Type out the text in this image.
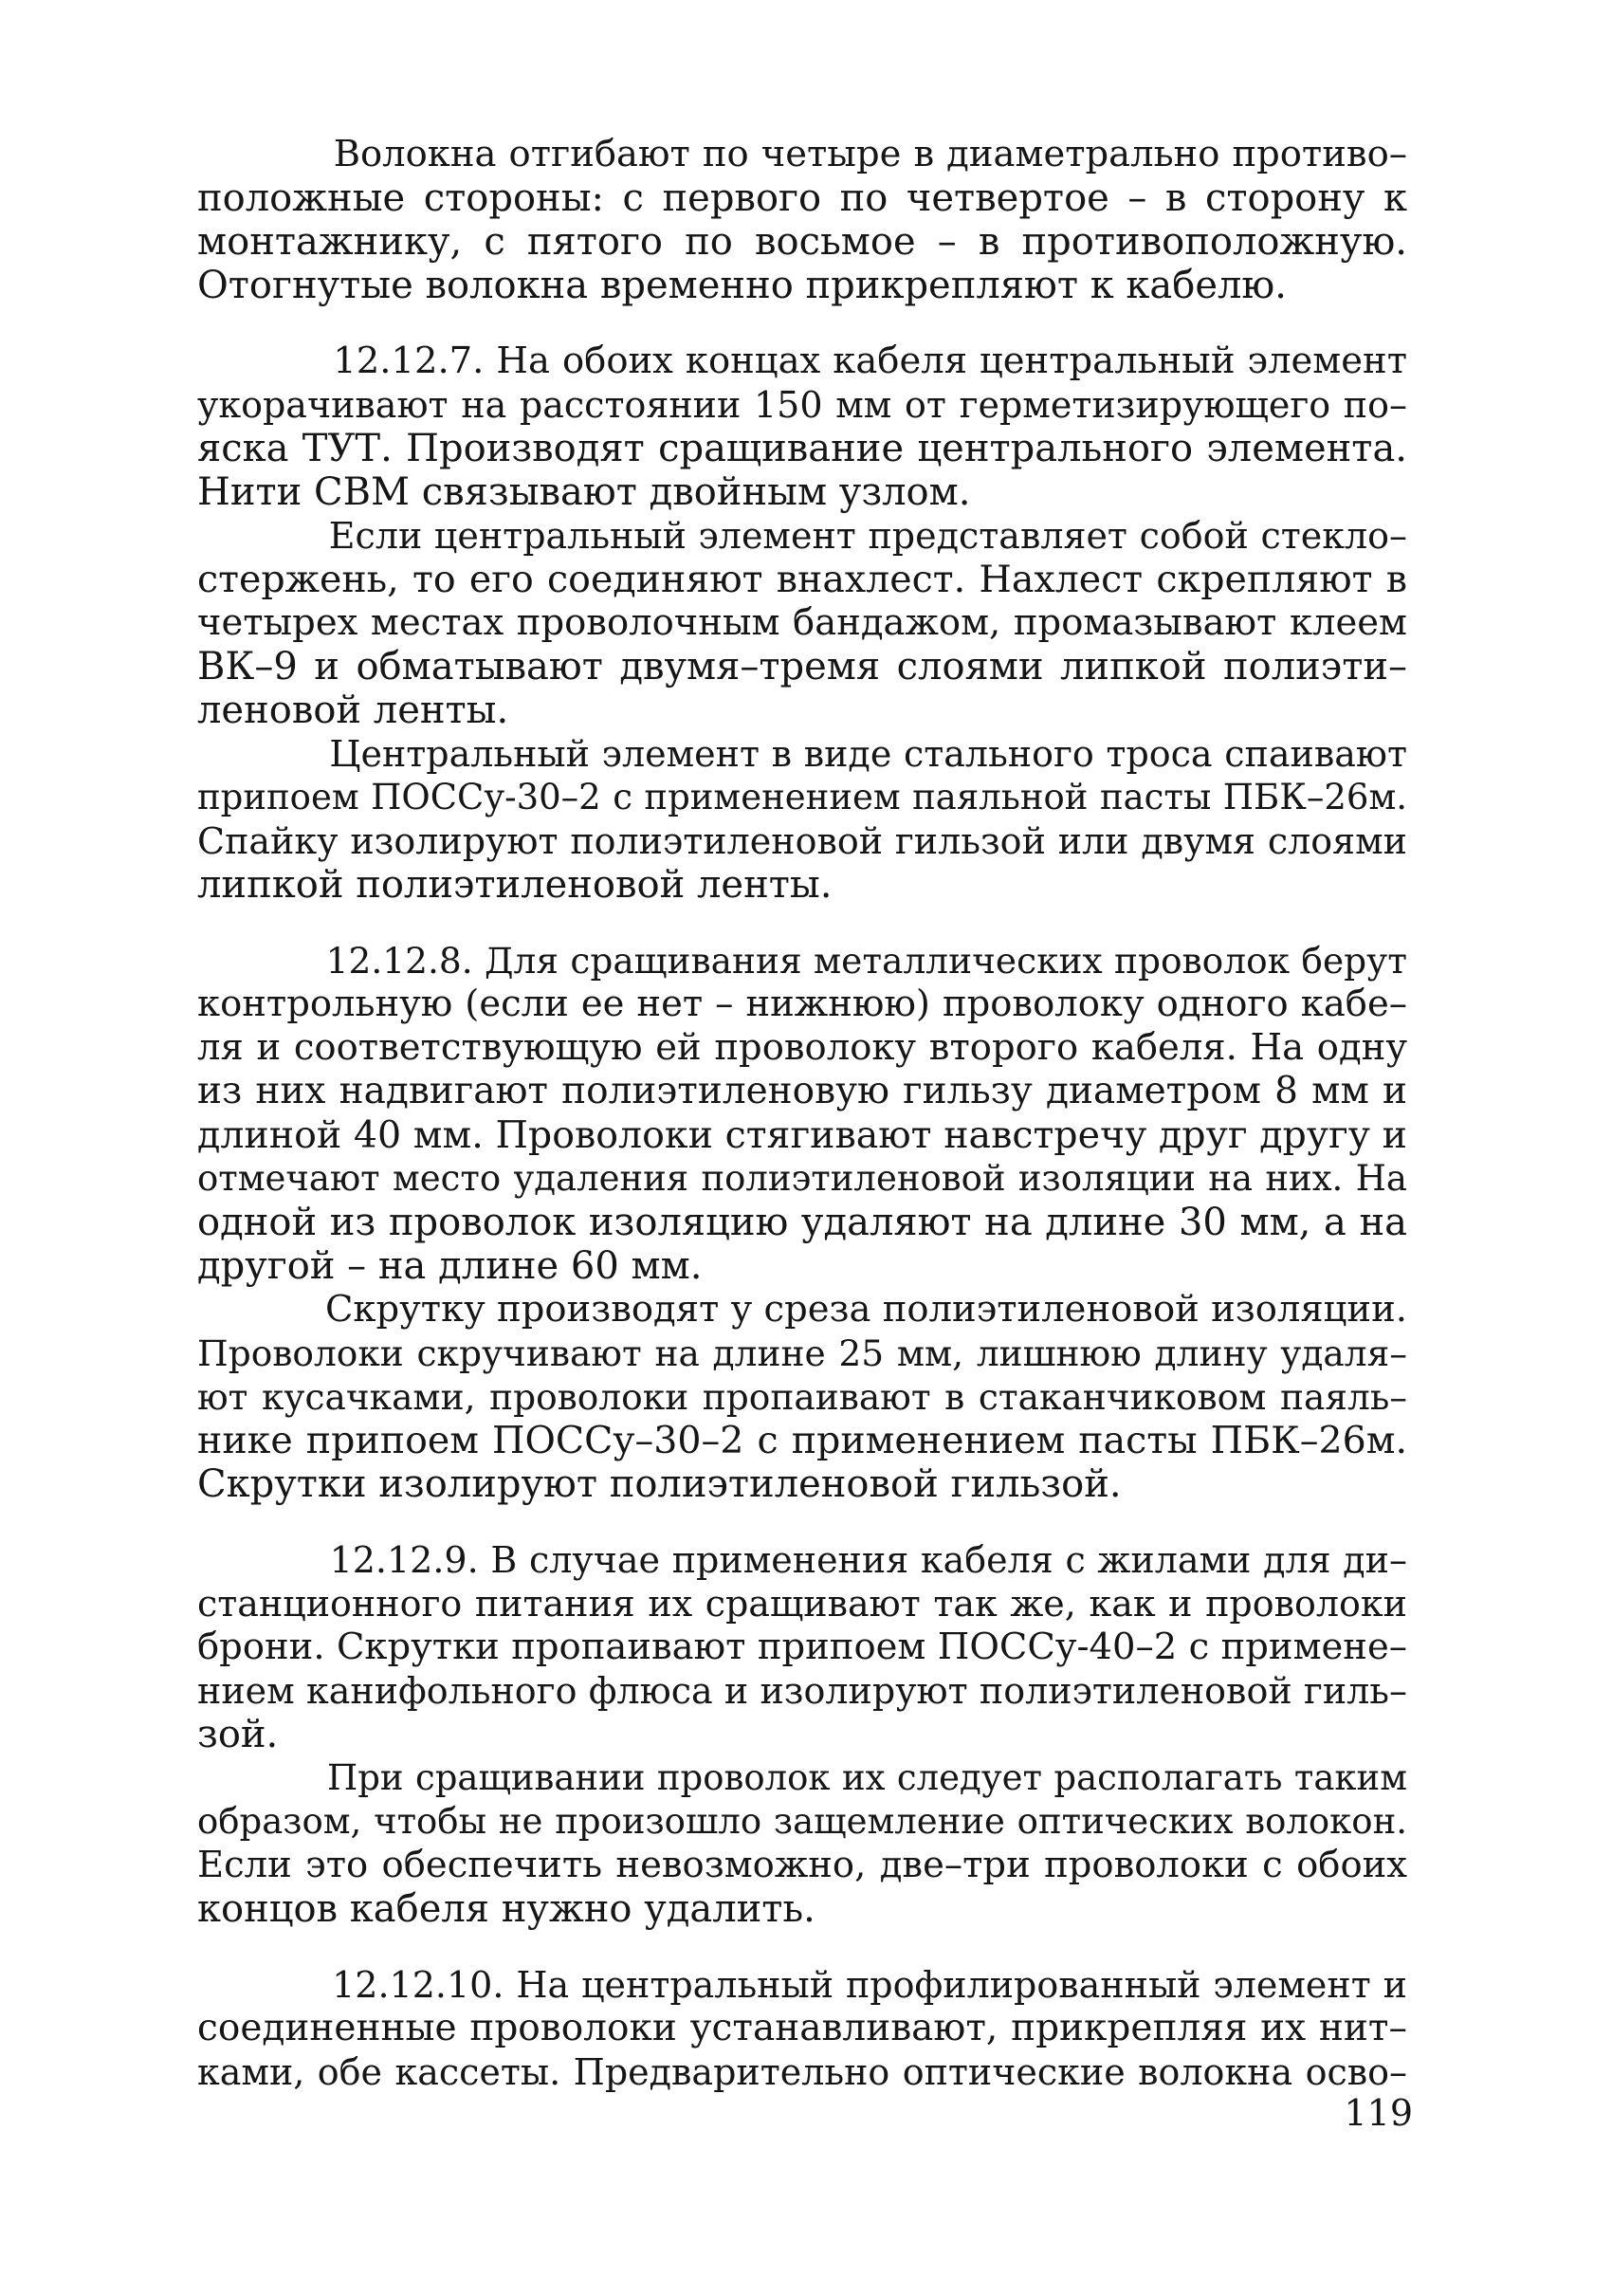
Волокна отгибают по четыре в диаметрально противо–
положные стороны: с первого по четвертое – в сторону к
монтажнику, с пятого по восьмое – в противоположную.
Отогнутые волокна временно прикрепляют к кабелю.
12.12.7. На обоих концах кабеля центральный элемент
укорачивают на расстоянии 150 мм от герметизирующего по–
яска ТУТ. Производят сращивание центрального элемента.
Нити СВМ связывают двойным узлом.
Если центральный элемент представляет собой стекло–
стержень, то его соединяют внахлест. Нахлест скрепляют в
четырех местах проволочным бандажом, промазывают клеем
ВК–9 и обматывают двумя–тремя слоями липкой полиэти–
леновой ленты.
Центральный элемент в виде стального троса спаивают
припоем ПОССу-30–2 с применением паяльной пасты ПБК–26м.
Спайку изолируют полиэтиленовой гильзой или двумя слоями
липкой полиэтиленовой ленты.
12.12.8. Для сращивания металлических проволок берут
контрольную (если ее нет – нижнюю) проволоку одного кабе–
ля и соответствующую ей проволоку второго кабеля. На одну
из них надвигают полиэтиленовую гильзу диаметром 8 мм и
длиной 40 мм. Проволоки стягивают навстречу друг другу и
отмечают место удаления полиэтиленовой изоляции на них. На
одной из проволок изоляцию удаляют на длине 30 мм, а на
другой – на длине 60 мм.
Скрутку производят у среза полиэтиленовой изоляции.
Проволоки скручивают на длине 25 мм, лишнюю длину удаля–
ют кусачками, проволоки пропаивают в стаканчиковом паяль–
нике припоем ПОССу–30–2 с применением пасты ПБК–26м.
Скрутки изолируют полиэтиленовой гильзой.
12.12.9. В случае применения кабеля с жилами для ди–
станционного питания их сращивают так же, как и проволоки
брони. Скрутки пропаивают припоем ПОССу-40–2 с примене–
нием канифольного флюса и изолируют полиэтиленовой гиль–
зой.
При сращивании проволок их следует располагать таким
образом, чтобы не произошло защемление оптических волокон.
Если это обеспечить невозможно, две–три проволоки с обоих
концов кабеля нужно удалить.
12.12.10. На центральный профилированный элемент и
соединенные проволоки устанавливают, прикрепляя их нит–
ками, обе кассеты. Предварительно оптические волокна осво–
119
